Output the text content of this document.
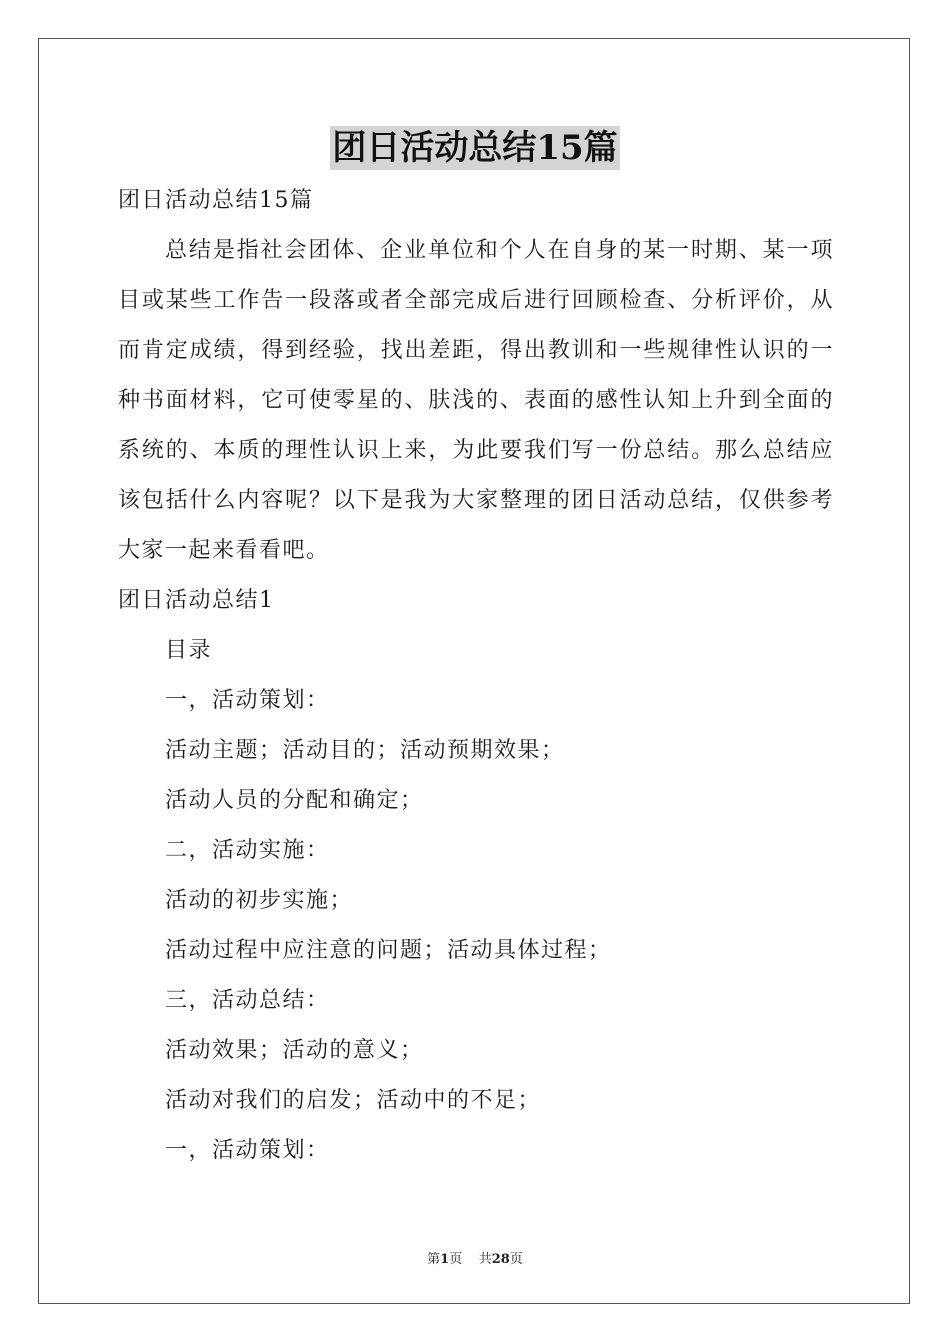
团日活动总结15篇
团日活动总结15篇
总结是指社会团体、企业单位和个人在自身的某一时期、某一项目或某些工作告一段落或者全部完成后进行回顾检查、分析评价，从而肯定成绩，得到经验，找出差距，得出教训和一些规律性认识的一种书面材料，它可使零星的、肤浅的、表面的感性认知上升到全面的系统的、本质的理性认识上来，为此要我们写一份总结。那么总结应该包括什么内容呢？以下是我为大家整理的团日活动总结，仅供参考大家一起来看看吧。
团日活动总结1
目录
一，活动策划：
活动主题；活动目的；活动预期效果；
活动人员的分配和确定；
二，活动实施：
活动的初步实施；
活动过程中应注意的问题；活动具体过程；
三，活动总结：
活动效果；活动的意义；
活动对我们的启发；活动中的不足；
一，活动策划：
第1页 共28页
